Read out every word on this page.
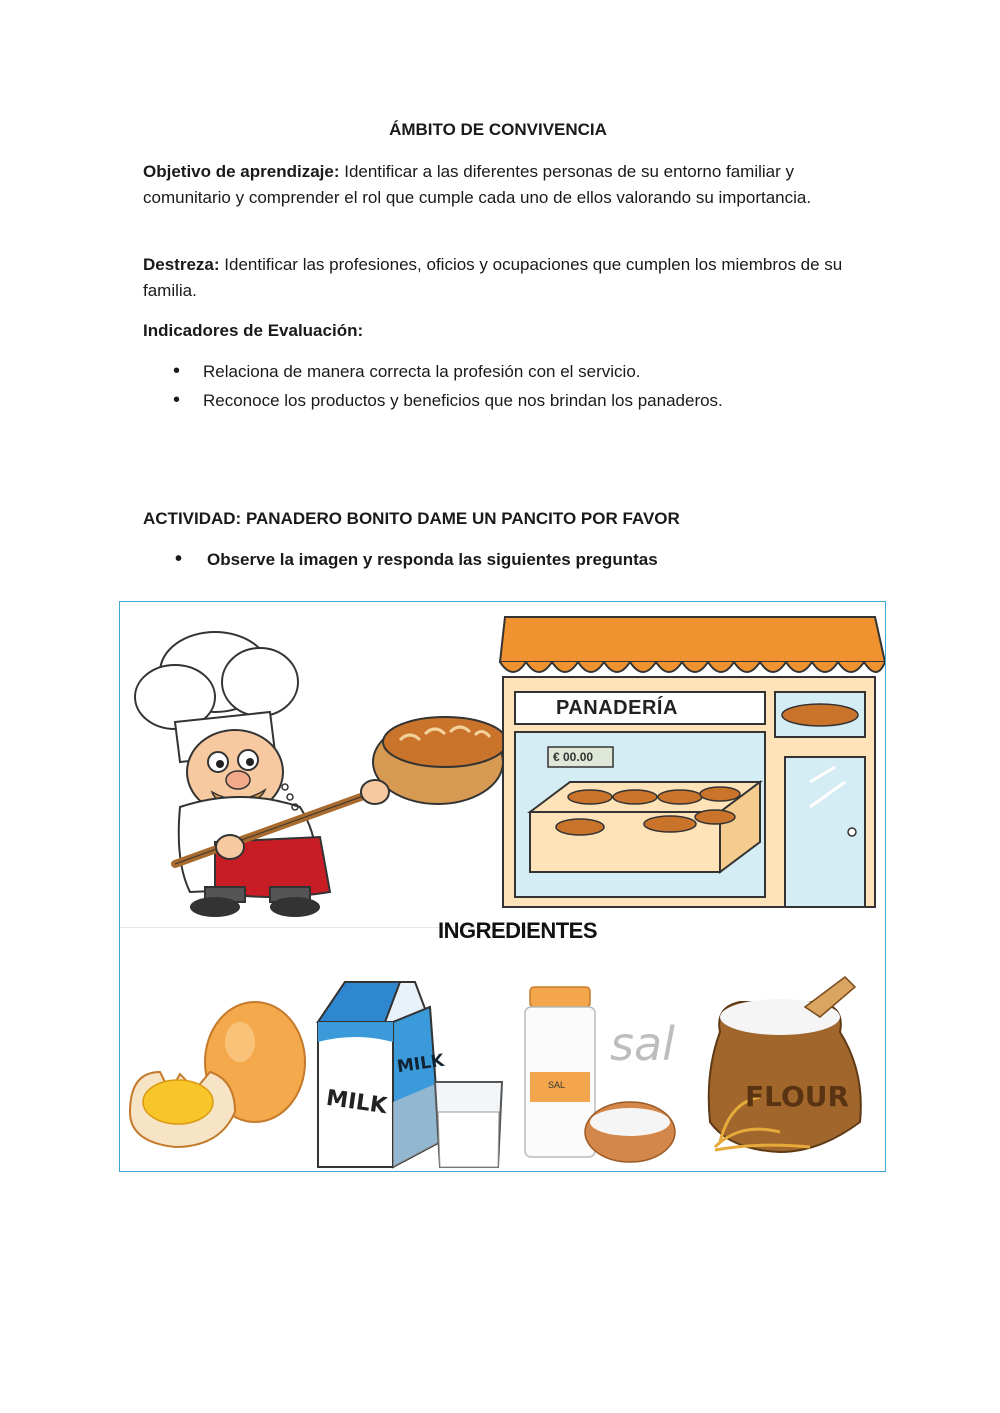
ÁMBITO DE CONVIVENCIA
Objetivo de aprendizaje: Identificar a las diferentes personas de su entorno familiar y comunitario y comprender el rol que cumple cada uno de ellos valorando su importancia.
Destreza: Identificar las profesiones, oficios y ocupaciones que cumplen los miembros de su familia.
Indicadores de Evaluación:
• Relaciona de manera correcta la profesión con el servicio.
• Reconoce los productos y beneficios que nos brindan los panaderos.
ACTIVIDAD: PANADERO BONITO DAME UN PANCITO POR FAVOR
• Observe la imagen y responda las siguientes preguntas
PANADERÍA
€ 00.00
INGREDIENTES
MILK
MILK	sal
SAL	FLOUR
